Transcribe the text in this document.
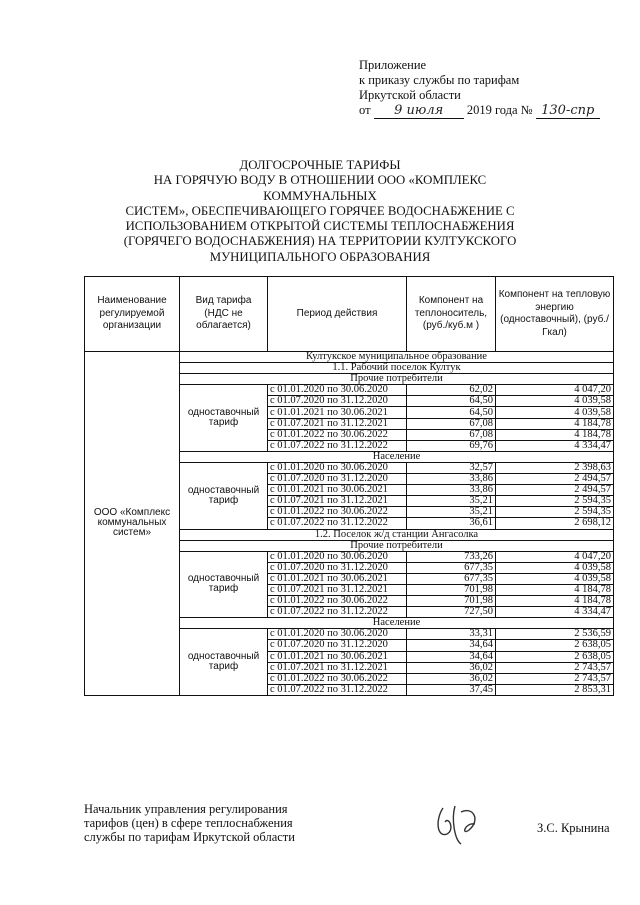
Приложение
к приказу службы по тарифам
Иркутской области
от 9 июля 2019 года № 130-спр
ДОЛГОСРОЧНЫЕ ТАРИФЫ
НА ГОРЯЧУЮ ВОДУ В ОТНОШЕНИИ ООО «КОМПЛЕКС КОММУНАЛЬНЫХ
СИСТЕМ», ОБЕСПЕЧИВАЮЩЕГО ГОРЯЧЕЕ ВОДОСНАБЖЕНИЕ С
ИСПОЛЬЗОВАНИЕМ ОТКРЫТОЙ СИСТЕМЫ ТЕПЛОСНАБЖЕНИЯ
(ГОРЯЧЕГО ВОДОСНАБЖЕНИЯ) НА ТЕРРИТОРИИ КУЛТУКСКОГО
МУНИЦИПАЛЬНОГО ОБРАЗОВАНИЯ
Наименование регулируемой организации	Вид тарифа (НДС не облагается)	Период действия	Компонент на теплоноситель, (руб./куб.м )	Компонент на тепловую энергию (одноставочный), (руб./Гкал)
ООО «Комплекс коммунальных систем»	Култукское муниципальное образование			
	1.1. Рабочий поселок Култук			
	Прочие потребители			
	одноставочный тариф	с 01.01.2020 по 30.06.2020	62,02	4 047,20
		с 01.07.2020 по 31.12.2020	64,50	4 039,58
		с 01.01.2021 по 30.06.2021	64,50	4 039,58
		с 01.07.2021 по 31.12.2021	67,08	4 184,78
		с 01.01.2022 по 30.06.2022	67,08	4 184,78
		с 01.07.2022 по 31.12.2022	69,76	4 334,47
	Население			
	одноставочный тариф	с 01.01.2020 по 30.06.2020	32,57	2 398,63
		с 01.07.2020 по 31.12.2020	33,86	2 494,57
		с 01.01.2021 по 30.06.2021	33,86	2 494,57
		с 01.07.2021 по 31.12.2021	35,21	2 594,35
		с 01.01.2022 по 30.06.2022	35,21	2 594,35
		с 01.07.2022 по 31.12.2022	36,61	2 698,12
	1.2. Поселок ж/д станции Ангасолка			
	Прочие потребители			
	одноставочный тариф	с 01.01.2020 по 30.06.2020	733,26	4 047,20
		с 01.07.2020 по 31.12.2020	677,35	4 039,58
		с 01.01.2021 по 30.06.2021	677,35	4 039,58
		с 01.07.2021 по 31.12.2021	701,98	4 184,78
		с 01.01.2022 по 30.06.2022	701,98	4 184,78
		с 01.07.2022 по 31.12.2022	727,50	4 334,47
	Население			
	одноставочный тариф	с 01.01.2020 по 30.06.2020	33,31	2 536,59
		с 01.07.2020 по 31.12.2020	34,64	2 638,05
		с 01.01.2021 по 30.06.2021	34,64	2 638,05
		с 01.07.2021 по 31.12.2021	36,02	2 743,57
		с 01.01.2022 по 30.06.2022	36,02	2 743,57
		с 01.07.2022 по 31.12.2022	37,45	2 853,31
Начальник управления регулирования
тарифов (цен) в сфере теплоснабжения
службы по тарифам Иркутской области
З.С. Крынина
